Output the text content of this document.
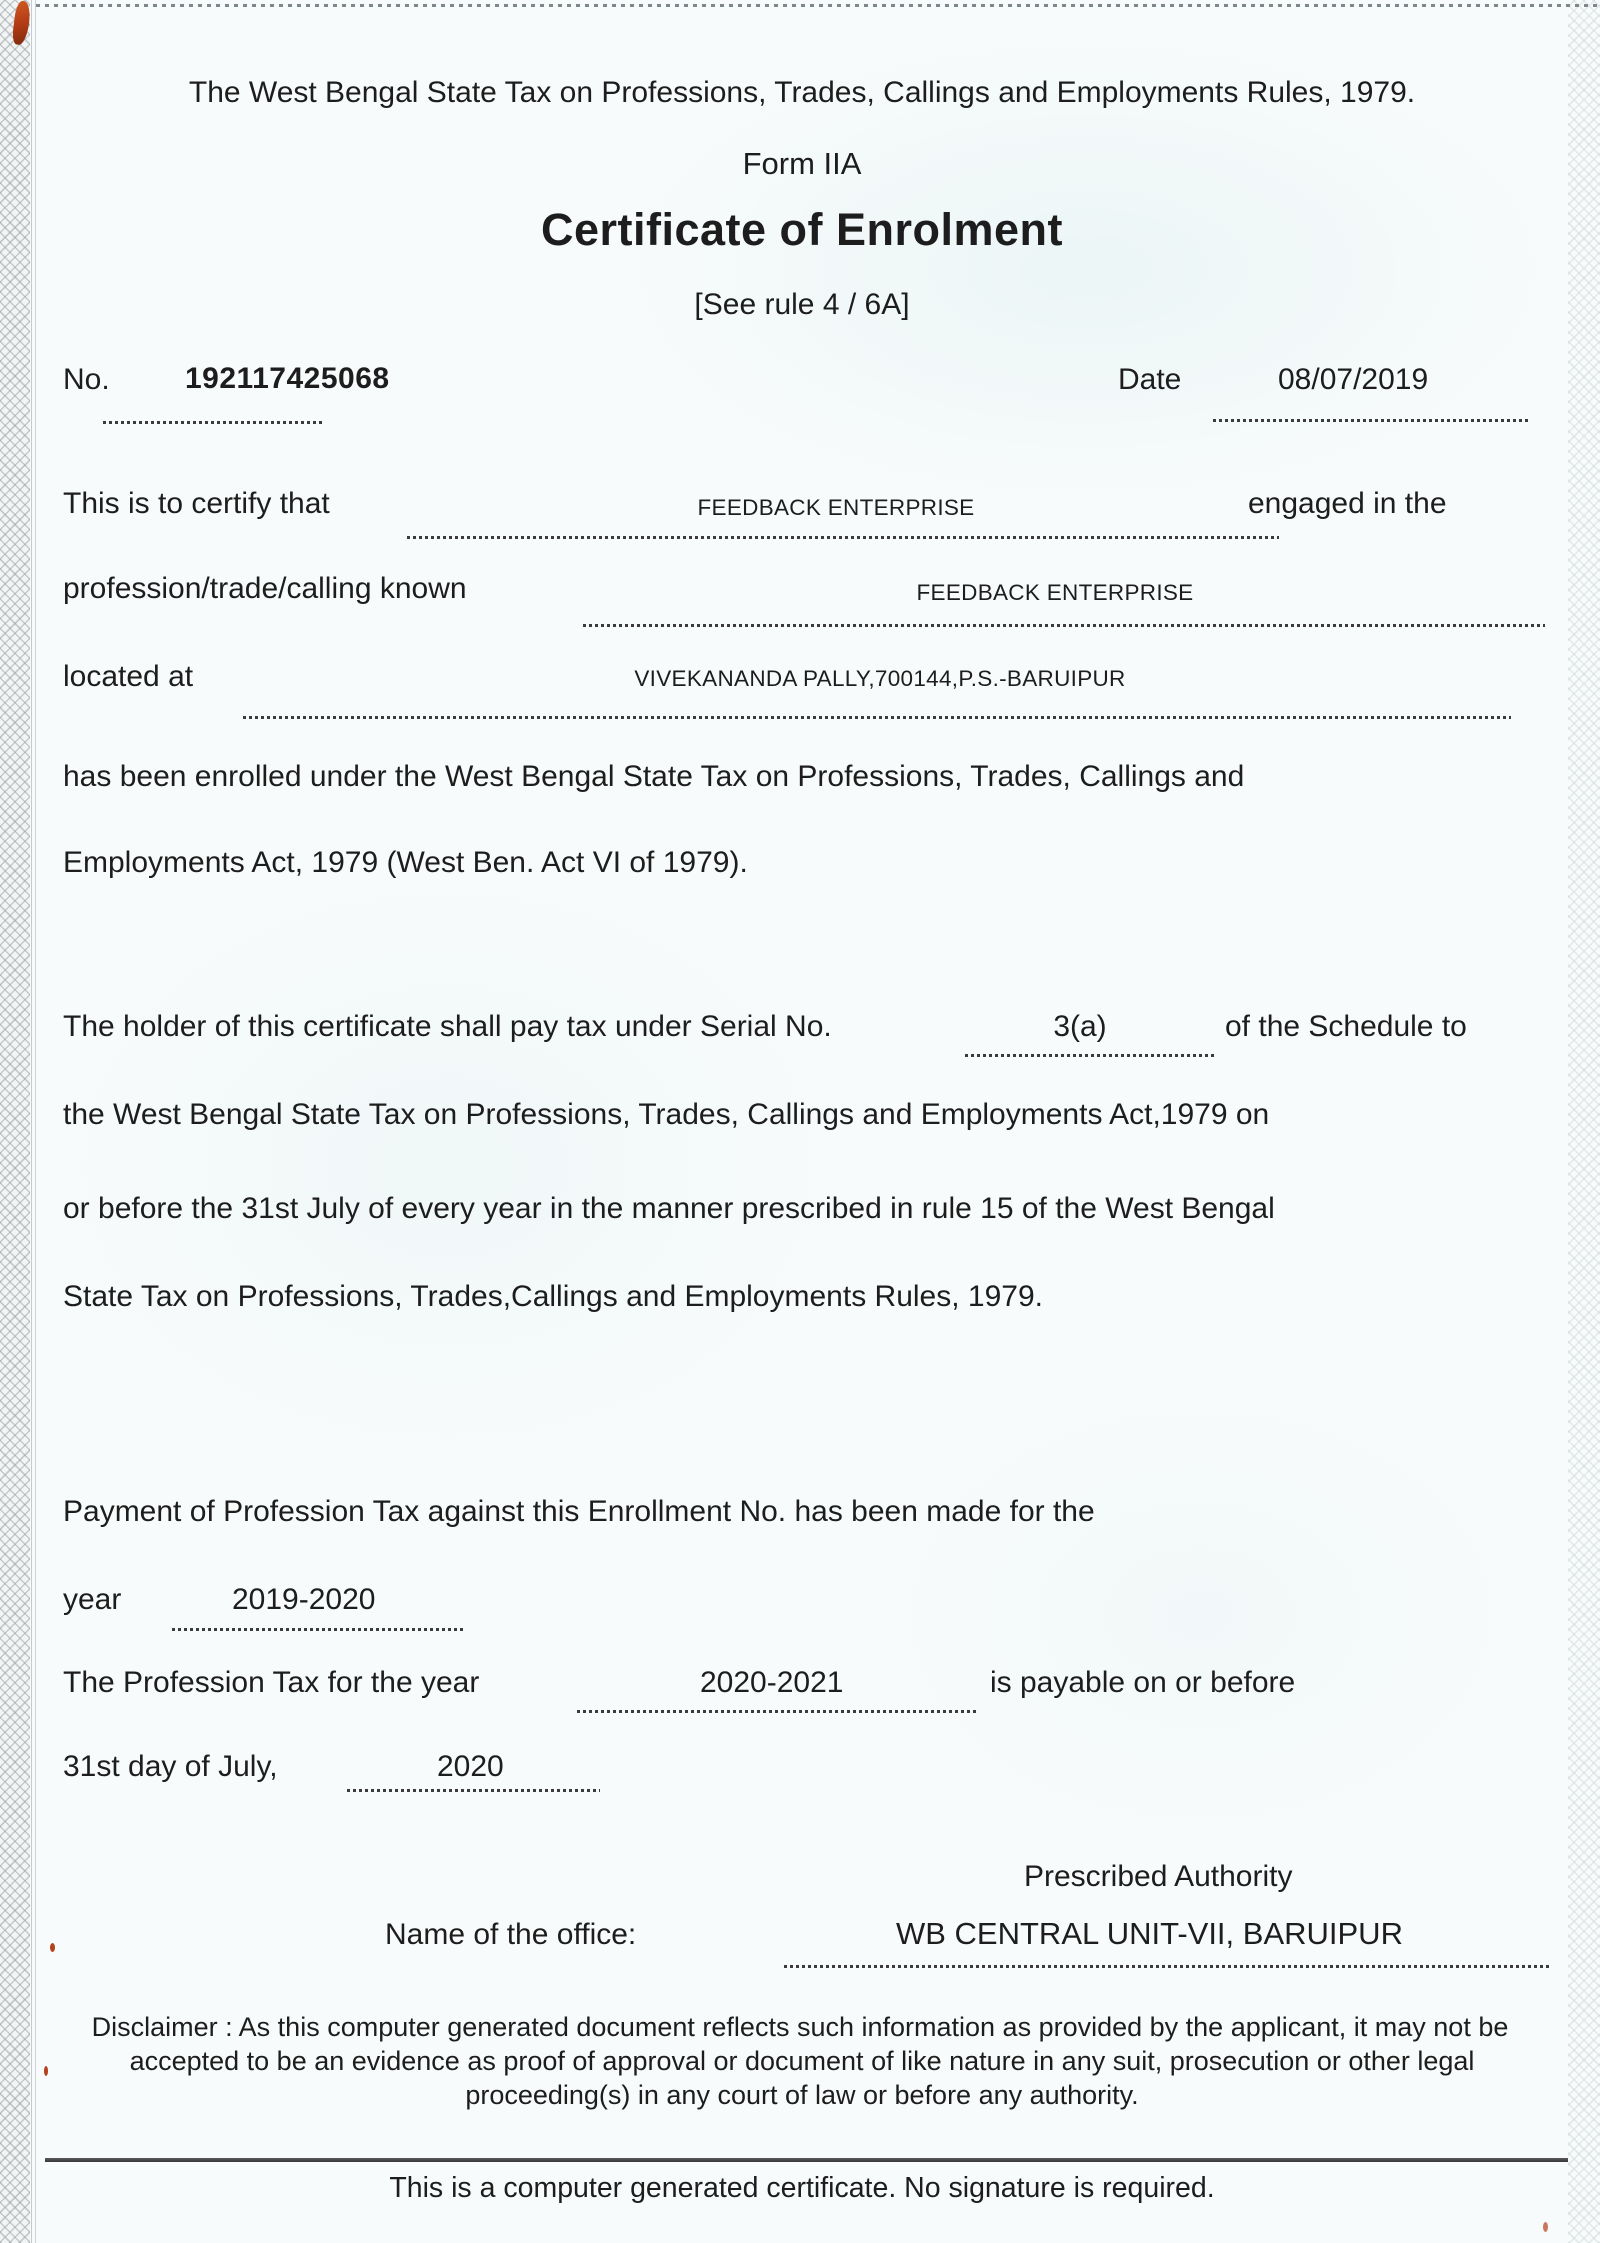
The West Bengal State Tax on Professions, Trades, Callings and Employments Rules, 1979.
Form IIA
Certificate of Enrolment
[See rule 4 / 6A]
No.	192117425068	Date	08/07/2019
This is to certify that	FEEDBACK ENTERPRISE	engaged in the
profession/trade/calling known	FEEDBACK ENTERPRISE
located at	VIVEKANANDA PALLY,700144,P.S.-BARUIPUR
has been enrolled under the West Bengal State Tax on Professions, Trades, Callings and
Employments Act, 1979 (West Ben. Act VI of 1979).
The holder of this certificate shall pay tax under Serial No.	3(a)	of the Schedule to
the West Bengal State Tax on Professions, Trades, Callings and Employments Act,1979 on
or before the 31st July of every year in the manner prescribed in rule 15 of the West Bengal
State Tax on Professions, Trades,Callings and Employments Rules, 1979.
Payment of Profession Tax against this Enrollment No. has been made for the
year	2019-2020
The Profession Tax for the year	2020-2021	is payable on or before
31st day of July,	2020
Prescribed Authority
Name of the office:	WB CENTRAL UNIT-VII, BARUIPUR
Disclaimer : As this computer generated document reflects such information as provided by the applicant, it may not be
accepted to be an evidence as proof of approval or document of like nature in any suit, prosecution or other legal
proceeding(s) in any court of law or before any authority.
This is a computer generated certificate. No signature is required.
